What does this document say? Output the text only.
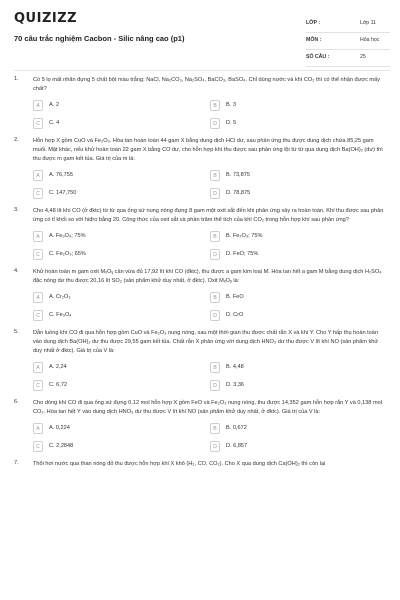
QUIZIZZ
70 câu trắc nghiệm Cacbon - Silic nâng cao (p1)
LỚP :	Lớp 11
MÔN :	Hóa học
SỐ CÂU :	25
1.	Có 5 lọ mất nhãn đựng 5 chất bột màu trắng: NaCl, Na₂CO₃, Na₂SO₄, BaCO₃, BaSO₄. Chỉ dùng nước và khí CO₂ thì có thể nhận được mấy chất?
A	A. 2	B	B. 3
C	C. 4	D	D. 5
2.	Hỗn hợp X gồm CuO và Fe₂O₃. Hòa tan hoàn toàn 44 gam X bằng dung dịch HCl dư, sau phản ứng thu được dung dịch chứa 85,25 gam muối. Mặt khác, nếu khử hoàn toàn 22 gam X bằng CO dư, cho hỗn hợp khí thu được sau phản ứng lội từ từ qua dung dịch Ba(OH)₂ (dư) thì thu được m gam kết tủa. Giá trị của m là:
A	A. 76,755	B	B. 73,875
C	C. 147,750	D	D. 78,875
3.	Cho 4,48 lít khí CO (ở đktc) từ từ qua ống sứ nung nóng đựng 8 gam một oxit sắt đến khi phản ứng xảy ra hoàn toàn. Khí thu được sau phản ứng có tỉ khối so với hiđro bằng 20. Công thức của oxit sắt và phần trăm thể tích của khí CO₂ trong hỗn hợp khí sau phản ứng?
A	A. Fe₃O₄; 75%	B	B. Fe₂O₃; 75%
C	C. Fe₂O₃; 65%	D	D. FeO; 75%
4.	Khử hoàn toàn m gam oxit MₓOᵧ cần vừa đủ 17,92 lít khí CO (đktc), thu được a gam kim loại M. Hòa tan hết a gam M bằng dung dịch H₂SO₄ đặc nóng dư thu được 20,16 lít SO₂ (sản phẩm khử duy nhất, ở đktc). Oxit MₓOᵧ là:
A	A. Cr₂O₃	B	B. FeO
C	C. Fe₃O₄	D	D. CrO
5.	Dẫn luồng khí CO đi qua hỗn hợp gồm CuO và Fe₂O₃ nung nóng, sau một thời gian thu được chất rắn X và khí Y. Cho Y hấp thụ hoàn toàn vào dung dịch Ba(OH)₂ dư thu được 29,55 gam kết tủa. Chất rắn X phản ứng với dung dịch HNO₃ dư thu được V lít khí NO (sản phẩm khử duy nhất ở đktc). Giá trị của V là:
A	A. 2,24	B	B. 4,48
C	C. 6,72	D	D. 3,36
6.	Cho dòng khí CO đi qua ống sứ đựng 0,12 mol hỗn hợp X gồm FeO và Fe₂O₃ nung nóng, thu được 14,352 gam hỗn hợp rắn Y và 0,138 mol CO₂. Hòa tan hết Y vào dung dịch HNO₃ dư thu được V lít khí NO (sản phẩm khử duy nhất, ở đktc). Giá trị của V là:
A	A. 0,224	B	B. 0,672
C	C. 2,2848	D	D. 6,857
7.	Thổi hơi nước qua than nóng đỏ thu được hỗn hợp khí X khô (H₂, CO, CO₂). Cho X qua dung dịch Ca(OH)₂ thì còn lại
